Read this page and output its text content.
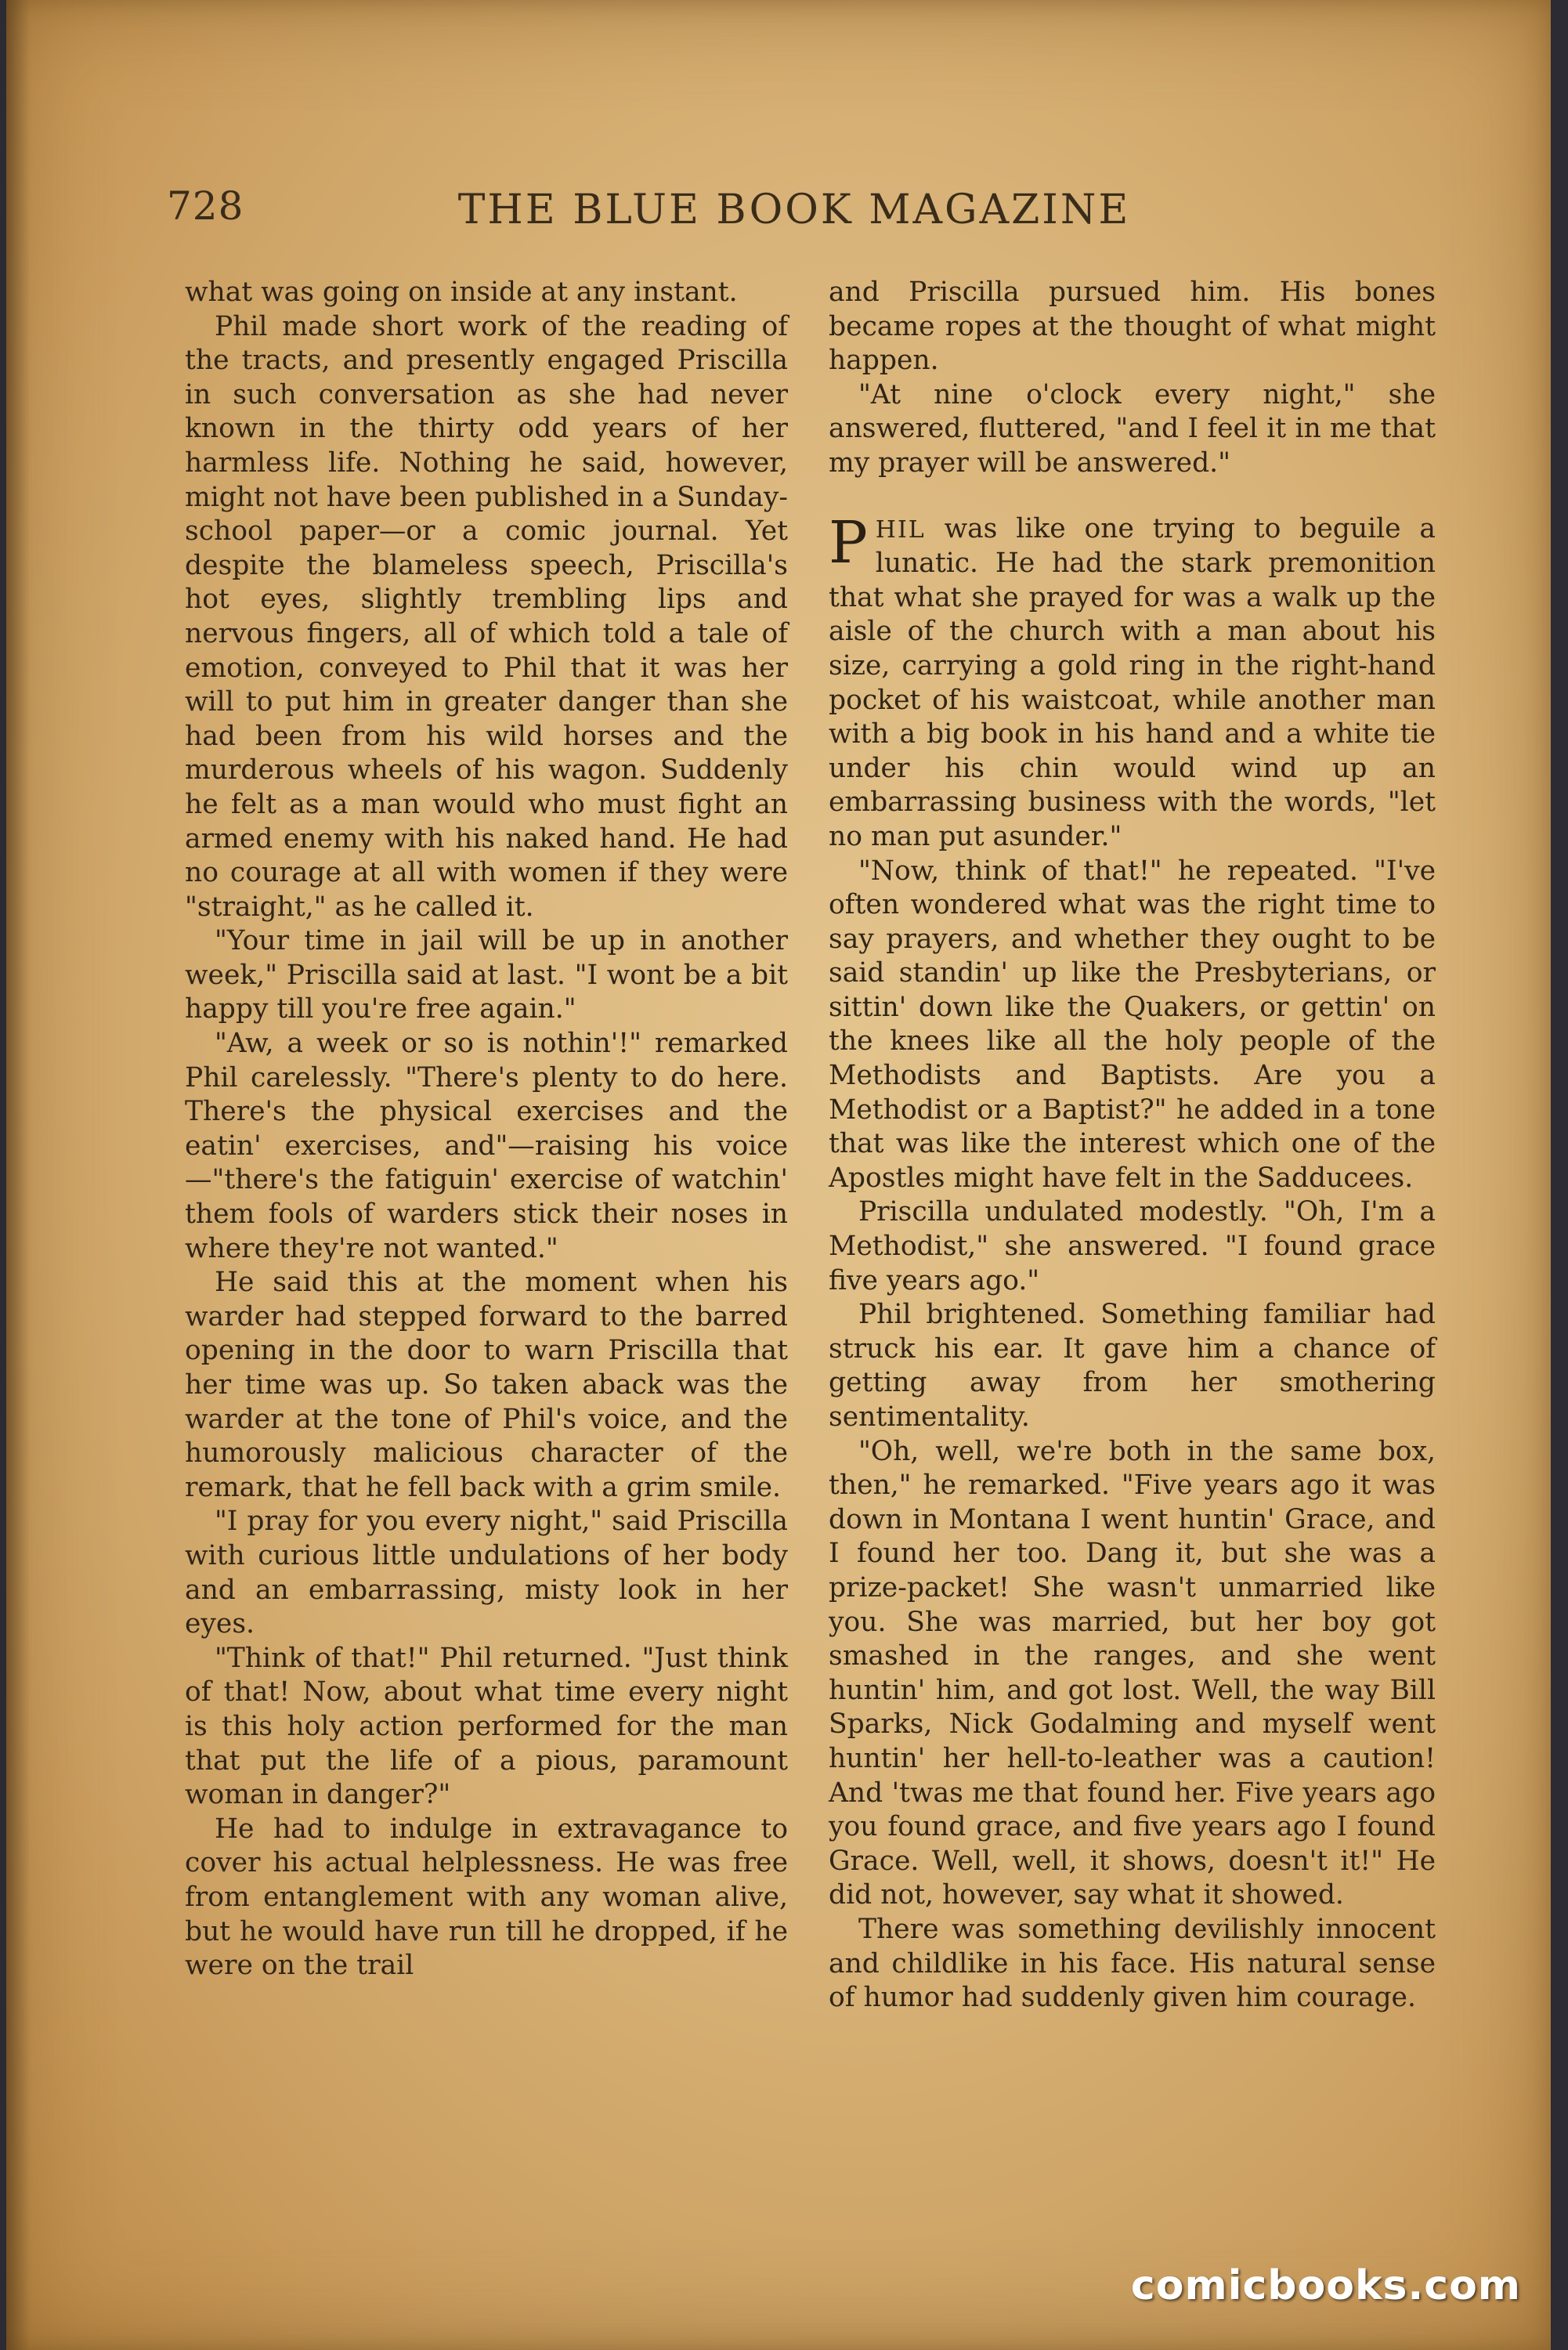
728	THE BLUE BOOK MAGAZINE

what was going on inside at any instant.

Phil made short work of the reading of the tracts, and presently engaged Priscilla in such conversation as she had never known in the thirty odd years of her harmless life. Nothing he said, however, might not have been published in a Sunday-school paper—or a comic journal. Yet despite the blameless speech, Priscilla's hot eyes, slightly trembling lips and nervous fingers, all of which told a tale of emotion, conveyed to Phil that it was her will to put him in greater danger than she had been from his wild horses and the murderous wheels of his wagon. Suddenly he felt as a man would who must fight an armed enemy with his naked hand. He had no courage at all with women if they were "straight," as he called it.

"Your time in jail will be up in another week," Priscilla said at last. "I wont be a bit happy till you're free again."

"Aw, a week or so is nothin'!" remarked Phil carelessly. "There's plenty to do here. There's the physical exercises and the eatin' exercises, and"—raising his voice—"there's the fatiguin' exercise of watchin' them fools of warders stick their noses in where they're not wanted."

He said this at the moment when his warder had stepped forward to the barred opening in the door to warn Priscilla that her time was up. So taken aback was the warder at the tone of Phil's voice, and the humorously malicious character of the remark, that he fell back with a grim smile.

"I pray for you every night," said Priscilla with curious little undulations of her body and an embarrassing, misty look in her eyes.

"Think of that!" Phil returned. "Just think of that! Now, about what time every night is this holy action performed for the man that put the life of a pious, paramount woman in danger?"

He had to indulge in extravagance to cover his actual helplessness. He was free from entanglement with any woman alive, but he would have run till he dropped, if he were on the trail

and Priscilla pursued him. His bones became ropes at the thought of what might happen.

"At nine o'clock every night," she answered, fluttered, "and I feel it in me that my prayer will be answered."

PHIL was like one trying to beguile a lunatic. He had the stark premonition that what she prayed for was a walk up the aisle of the church with a man about his size, carrying a gold ring in the right-hand pocket of his waistcoat, while another man with a big book in his hand and a white tie under his chin would wind up an embarrassing business with the words, "let no man put asunder."

"Now, think of that!" he repeated. "I've often wondered what was the right time to say prayers, and whether they ought to be said standin' up like the Presbyterians, or sittin' down like the Quakers, or gettin' on the knees like all the holy people of the Methodists and Baptists. Are you a Methodist or a Baptist?" he added in a tone that was like the interest which one of the Apostles might have felt in the Sadducees.

Priscilla undulated modestly. "Oh, I'm a Methodist," she answered. "I found grace five years ago."

Phil brightened. Something familiar had struck his ear. It gave him a chance of getting away from her smothering sentimentality.

"Oh, well, we're both in the same box, then," he remarked. "Five years ago it was down in Montana I went huntin' Grace, and I found her too. Dang it, but she was a prize-packet! She wasn't unmarried like you. She was married, but her boy got smashed in the ranges, and she went huntin' him, and got lost. Well, the way Bill Sparks, Nick Godalming and myself went huntin' her hell-to-leather was a caution! And 'twas me that found her. Five years ago you found grace, and five years ago I found Grace. Well, well, it shows, doesn't it!" He did not, however, say what it showed.

There was something devilishly innocent and childlike in his face. His natural sense of humor had suddenly given him courage.

comicbooks.com
